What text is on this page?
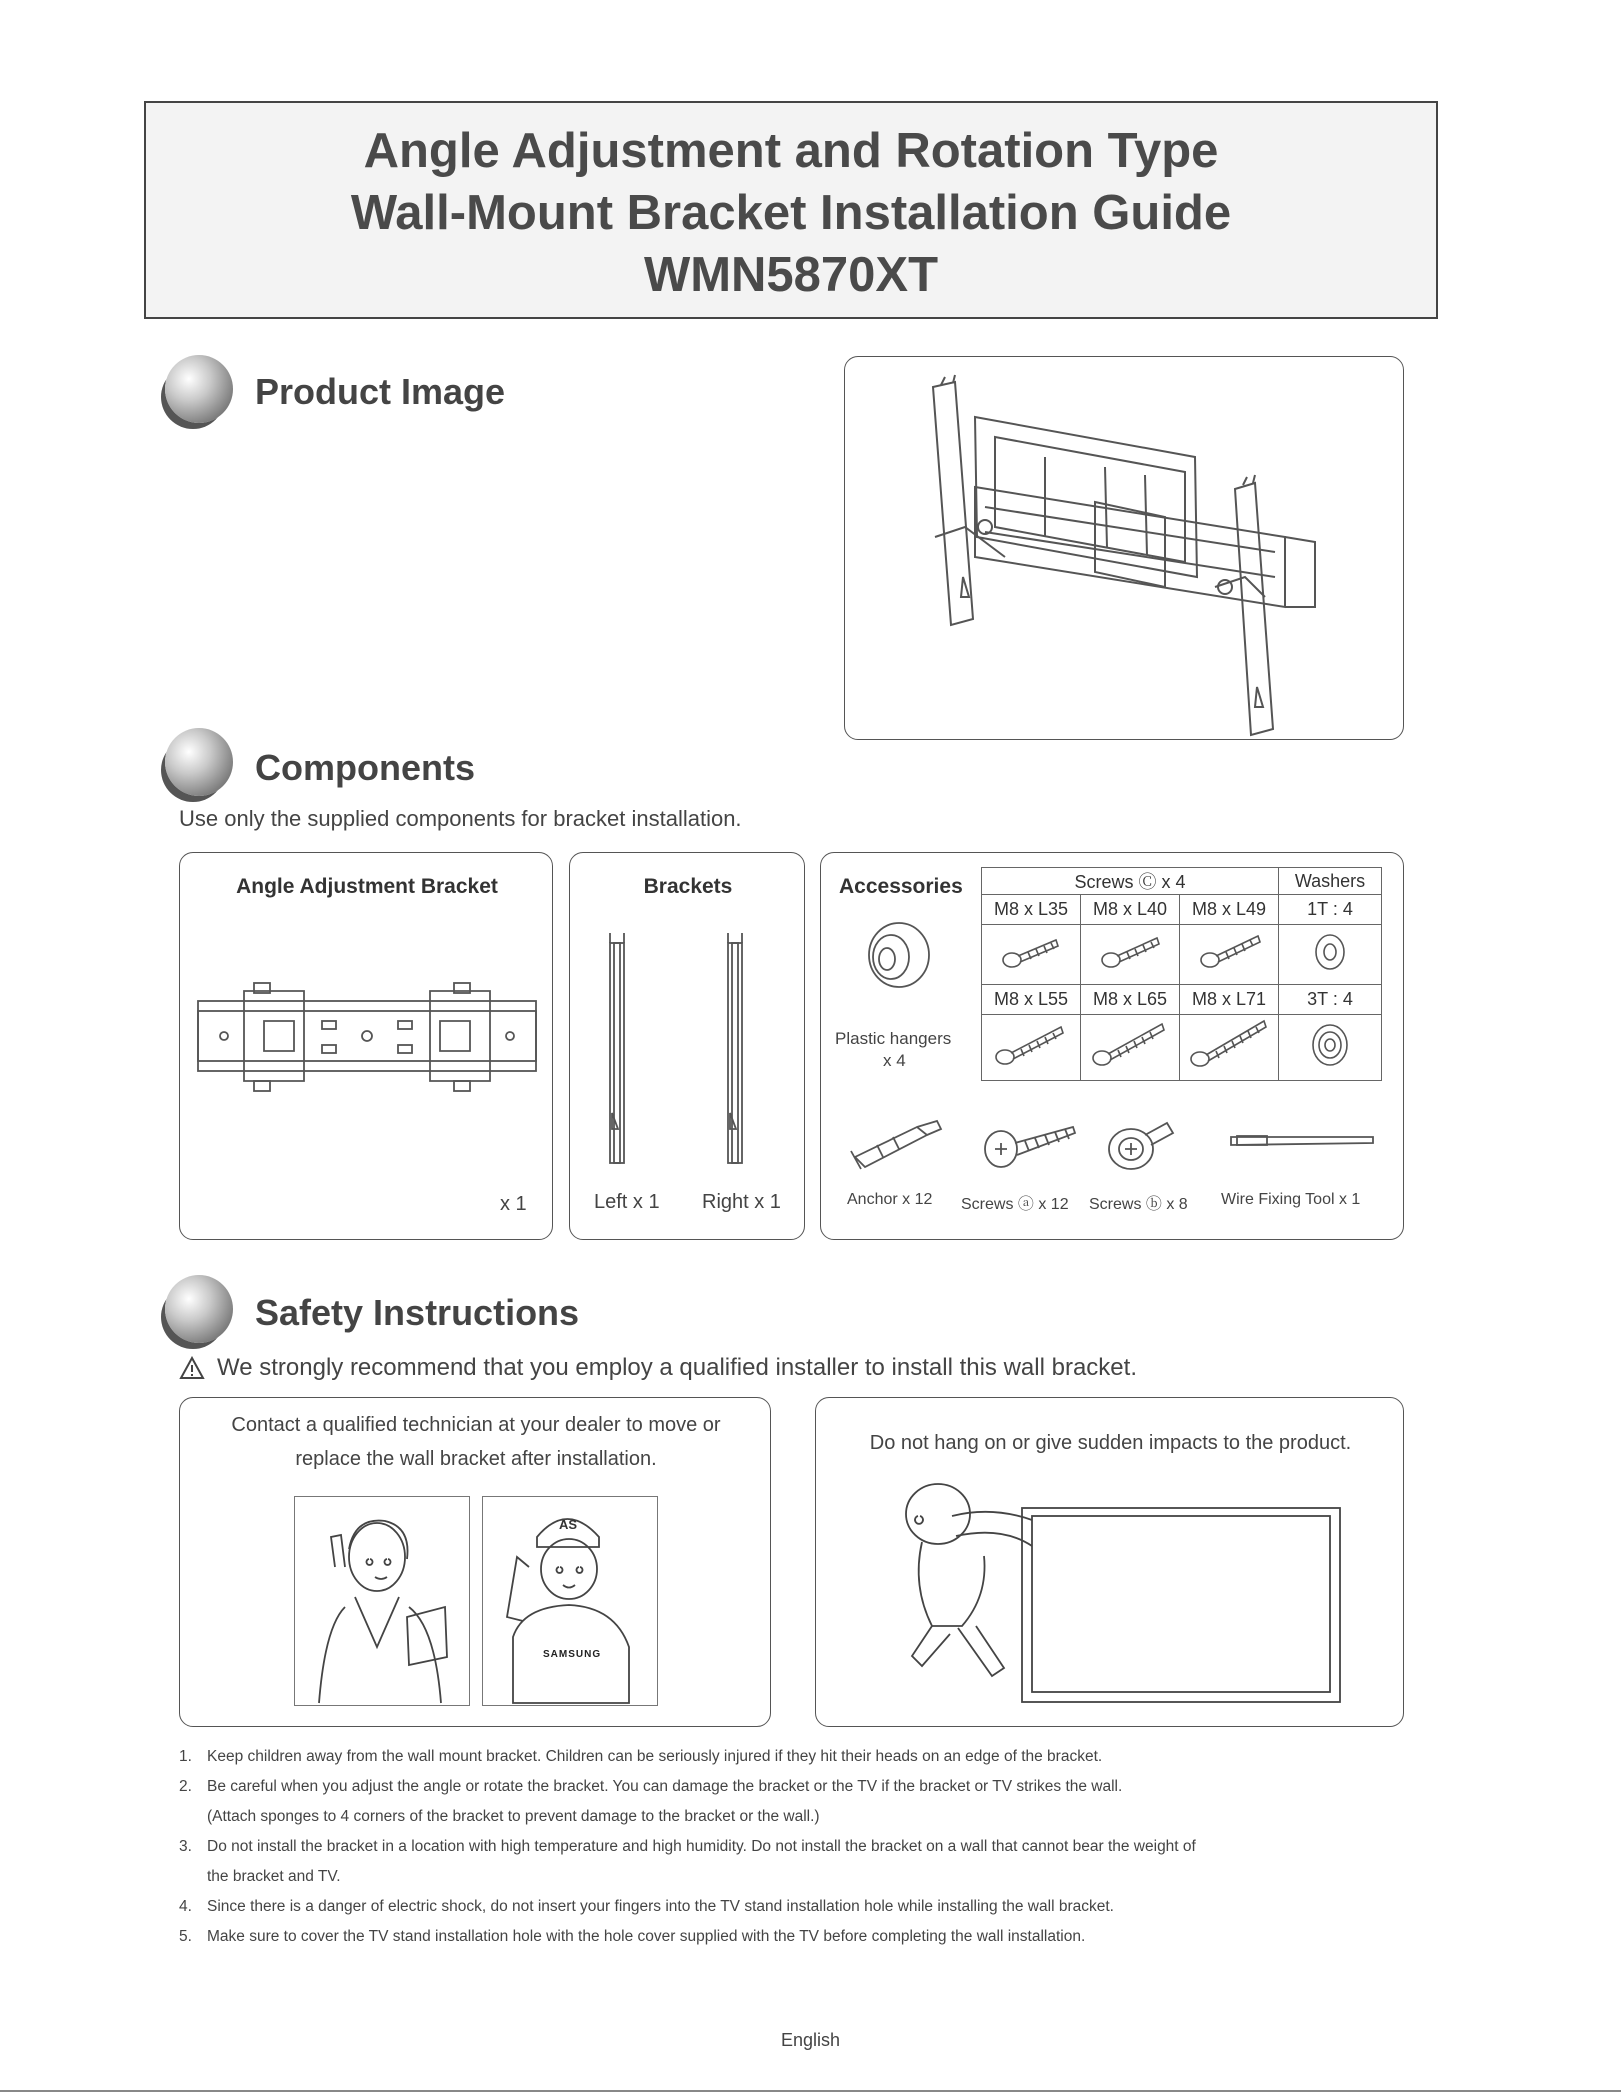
Angle Adjustment and Rotation Type
Wall-Mount Bracket Installation Guide
WMN5870XT
Product Image
Components
Use only the supplied components for bracket installation.
Angle Adjustment Bracket
x 1
Brackets
Left x 1 Right x 1
Accessories
Plastic hangers
x 4
Anchor x 12 Screws ⓐ x 12 Screws ⓑ x 8 Wire Fixing Tool x 1
Screws Ⓒ x 4			Washers
M8 x L35	M8 x L40	M8 x L49	1T : 4

M8 x L55	M8 x L65	M8 x L71	3T : 4

Safety Instructions
We strongly recommend that you employ a qualified installer to install this wall bracket.
Contact a qualified technician at your dealer to move or
replace the wall bracket after installation.
AS
SAMSUNG
Do not hang on or give sudden impacts to the product.
1. Keep children away from the wall mount bracket. Children can be seriously injured if they hit their heads on an edge of the bracket.
2. Be careful when you adjust the angle or rotate the bracket. You can damage the bracket or the TV if the bracket or TV strikes the wall.
(Attach sponges to 4 corners of the bracket to prevent damage to the bracket or the wall.)
3. Do not install the bracket in a location with high temperature and high humidity. Do not install the bracket on a wall that cannot bear the weight of
the bracket and TV.
4. Since there is a danger of electric shock, do not insert your fingers into the TV stand installation hole while installing the wall bracket.
5. Make sure to cover the TV stand installation hole with the hole cover supplied with the TV before completing the wall installation.
English
